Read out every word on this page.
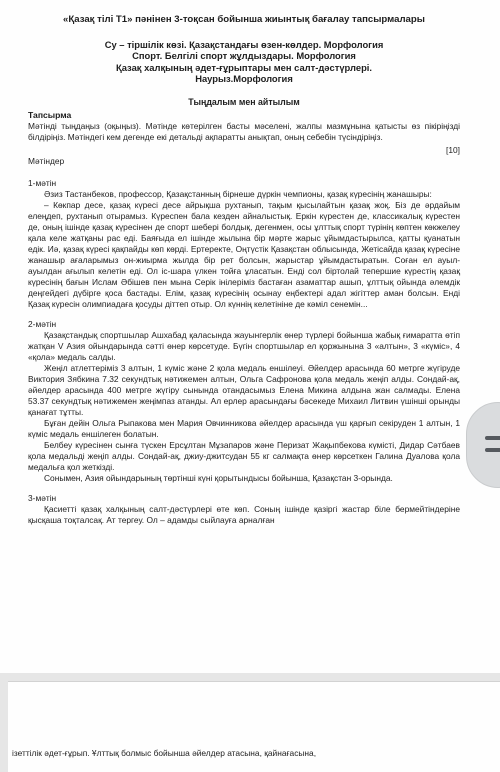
«Қазақ тілі Т1» пәнінен 3-тоқсан бойынша жиынтық бағалау тапсырмалары

Су – тіршілік көзі. Қазақстандағы өзен-көлдер. Морфология

Спорт. Белгілі спорт жұлдыздары. Морфология

Қазақ халқының әдет-ғұрыптары мен салт-дәстүрлері.

Наурыз.Морфология

Тыңдалым мен айтылым

Тапсырма

Мәтінді тыңдаңыз (оқыңыз). Мәтінде көтерілген басты мәселені, жалпы мазмұнына қатысты өз пікіріңізді білдіріңіз. Мәтіндегі кем дегенде екі детальді ақпаратты анықтап, оның себебін түсіндіріңіз.

[10]

Мәтіндер

1-мәтін

Әзиз Тастанбеков, профессор, Қазақстанның бірнеше дүркін чемпионы, қазақ күресінің жанашыры:

– Көкпар десе, қазақ күресі десе айрықша рухтанып, тақым қысылайтын қазақ жоқ. Біз де әрдайым елеңдеп, рухтанып отырамыз. Күреспен бала кезден айналыстық. Еркін күрестен де, классикалық күрестен де, оның ішінде қазақ күресінен де спорт шебері болдық, дегенмен, осы ұлттық спорт түрінің көптен көкжелеу қала келе жатқаны рас еді. Баяғыда ел ішінде жылына бір мәрте жарыс ұйымдастырылса, қатты қуанатын едік. Иә, қазақ күресі қақпайды көп көрді. Ертеректе, Оңтүстік Қазақстан облысында, Жетісайда қазақ күресіне жанашыр ағаларымыз он-жиырма жылда бір рет болсын, жарыстар ұйымдастыратын. Соған ел ауыл-ауылдан ағылып келетін еді. Ол іс-шара үлкен тойға ұласатын. Енді сол біртолай тепершие күрестің қазақ күресінің бағын Ислам Әбішев пен мына Серік інілеріміз бастаған азаматтар ашып, ұлттық ойында әлемдік деңгейдегі дүбірге қоса бастады. Елім, қазақ күресінің осынау еңбектері адал жігіттер аман болсын. Енді Қазақ күресін олимпиадаға қосуды діттеп отыр. Ол күннің келетініне де кәміл сенемін...

2-мәтін

Қазақстандық спортшылар Ашхабад қаласында жауынгерлік өнер түрлері бойынша жабық ғимаратта өтіп жатқан V Азия ойындарында сәтті өнер көрсетуде. Бүгін спортшылар ел қоржынына 3 «алтын», 3 «күміс», 4 «қола» медаль салды.

Жеңіл атлеттеріміз 3 алтын, 1 күміс және 2 қола медаль еншілеуі. Әйелдер арасында 60 метрге жүгіруде Виктория Зябкина 7.32 секундтық нәтижемен алтын, Ольга Сафронова қола медаль жеңіп алды. Сондай-ақ, әйелдер арасында 400 метрге жүгіру сынында отандасымыз Елена Микина алдына жан салмады. Елена 53.37 секундтық нәтижемен жеңімпаз атанды. Ал ерлер арасындағы бәсекеде Михаил Литвин үшінші орынды қанағат тұтты.

Бұған дейін Ольга Рыпакова мен Мария Овчинникова әйелдер арасында үш қарғып секіруден 1 алтын, 1 күміс медаль еншілеген болатын.

Белбеу күресінен сынға түскен Ерсұлтан Мұзапаров және Перизат Жақыпбекова күмісті, Дидар Сәтбаев қола медальді жеңіп алды. Сондай-ақ, джиу-джитсудан 55 кг салмақта өнер көрсеткен Галина Дуалова қола медальға қол жеткізді.

Сонымен, Азия ойындарының төртінші күні қорытындысы бойынша, Қазақстан 3-орында.

3-мәтін

Қасиетті қазақ халқының салт-дәстүрлері өте көп. Соның ішінде қазіргі жастар біле бермейтіндеріне қысқаша тоқталсақ. Ат тергеу. Ол – адамды сыйлауға арналған

ізеттілік әдет-ғұрып. Ұлттық болмыс бойынша әйелдер атасына, қайнағасына,
